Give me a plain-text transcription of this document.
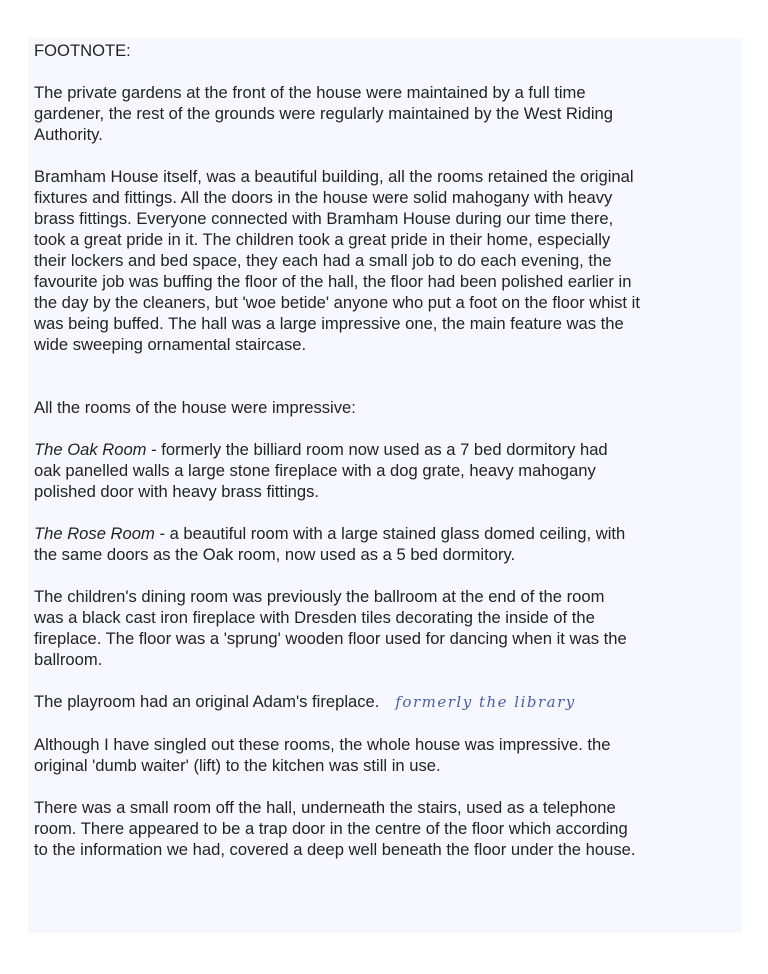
FOOTNOTE:

The private gardens at the front of the house were maintained by a full time
gardener, the rest of the grounds were regularly maintained by the West Riding
Authority.

Bramham House itself, was a beautiful building, all the rooms retained the original
fixtures and fittings. All the doors in the house were solid mahogany with heavy
brass fittings. Everyone connected with Bramham House during our time there,
took a great pride in it. The children took a great pride in their home, especially
their lockers and bed space, they each had a small job to do each evening, the
favourite job was buffing the floor of the hall, the floor had been polished earlier in
the day by the cleaners, but 'woe betide' anyone who put a foot on the floor whist it
was being buffed. The hall was a large impressive one, the main feature was the
wide sweeping ornamental staircase.

All the rooms of the house were impressive:

The Oak Room - formerly the billiard room now used as a 7 bed dormitory had
oak panelled walls a large stone fireplace with a dog grate, heavy mahogany
polished door with heavy brass fittings.

The Rose Room - a beautiful room with a large stained glass domed ceiling, with
the same doors as the Oak room, now used as a 5 bed dormitory.

The children's dining room was previously the ballroom at the end of the room
was a black cast iron fireplace with Dresden tiles decorating the inside of the
fireplace. The floor was a 'sprung' wooden floor used for dancing when it was the
ballroom.

The playroom had an original Adam's fireplace. formerly the library

Although I have singled out these rooms, the whole house was impressive. the
original 'dumb waiter' (lift) to the kitchen was still in use.

There was a small room off the hall, underneath the stairs, used as a telephone
room. There appeared to be a trap door in the centre of the floor which according
to the information we had, covered a deep well beneath the floor under the house.
